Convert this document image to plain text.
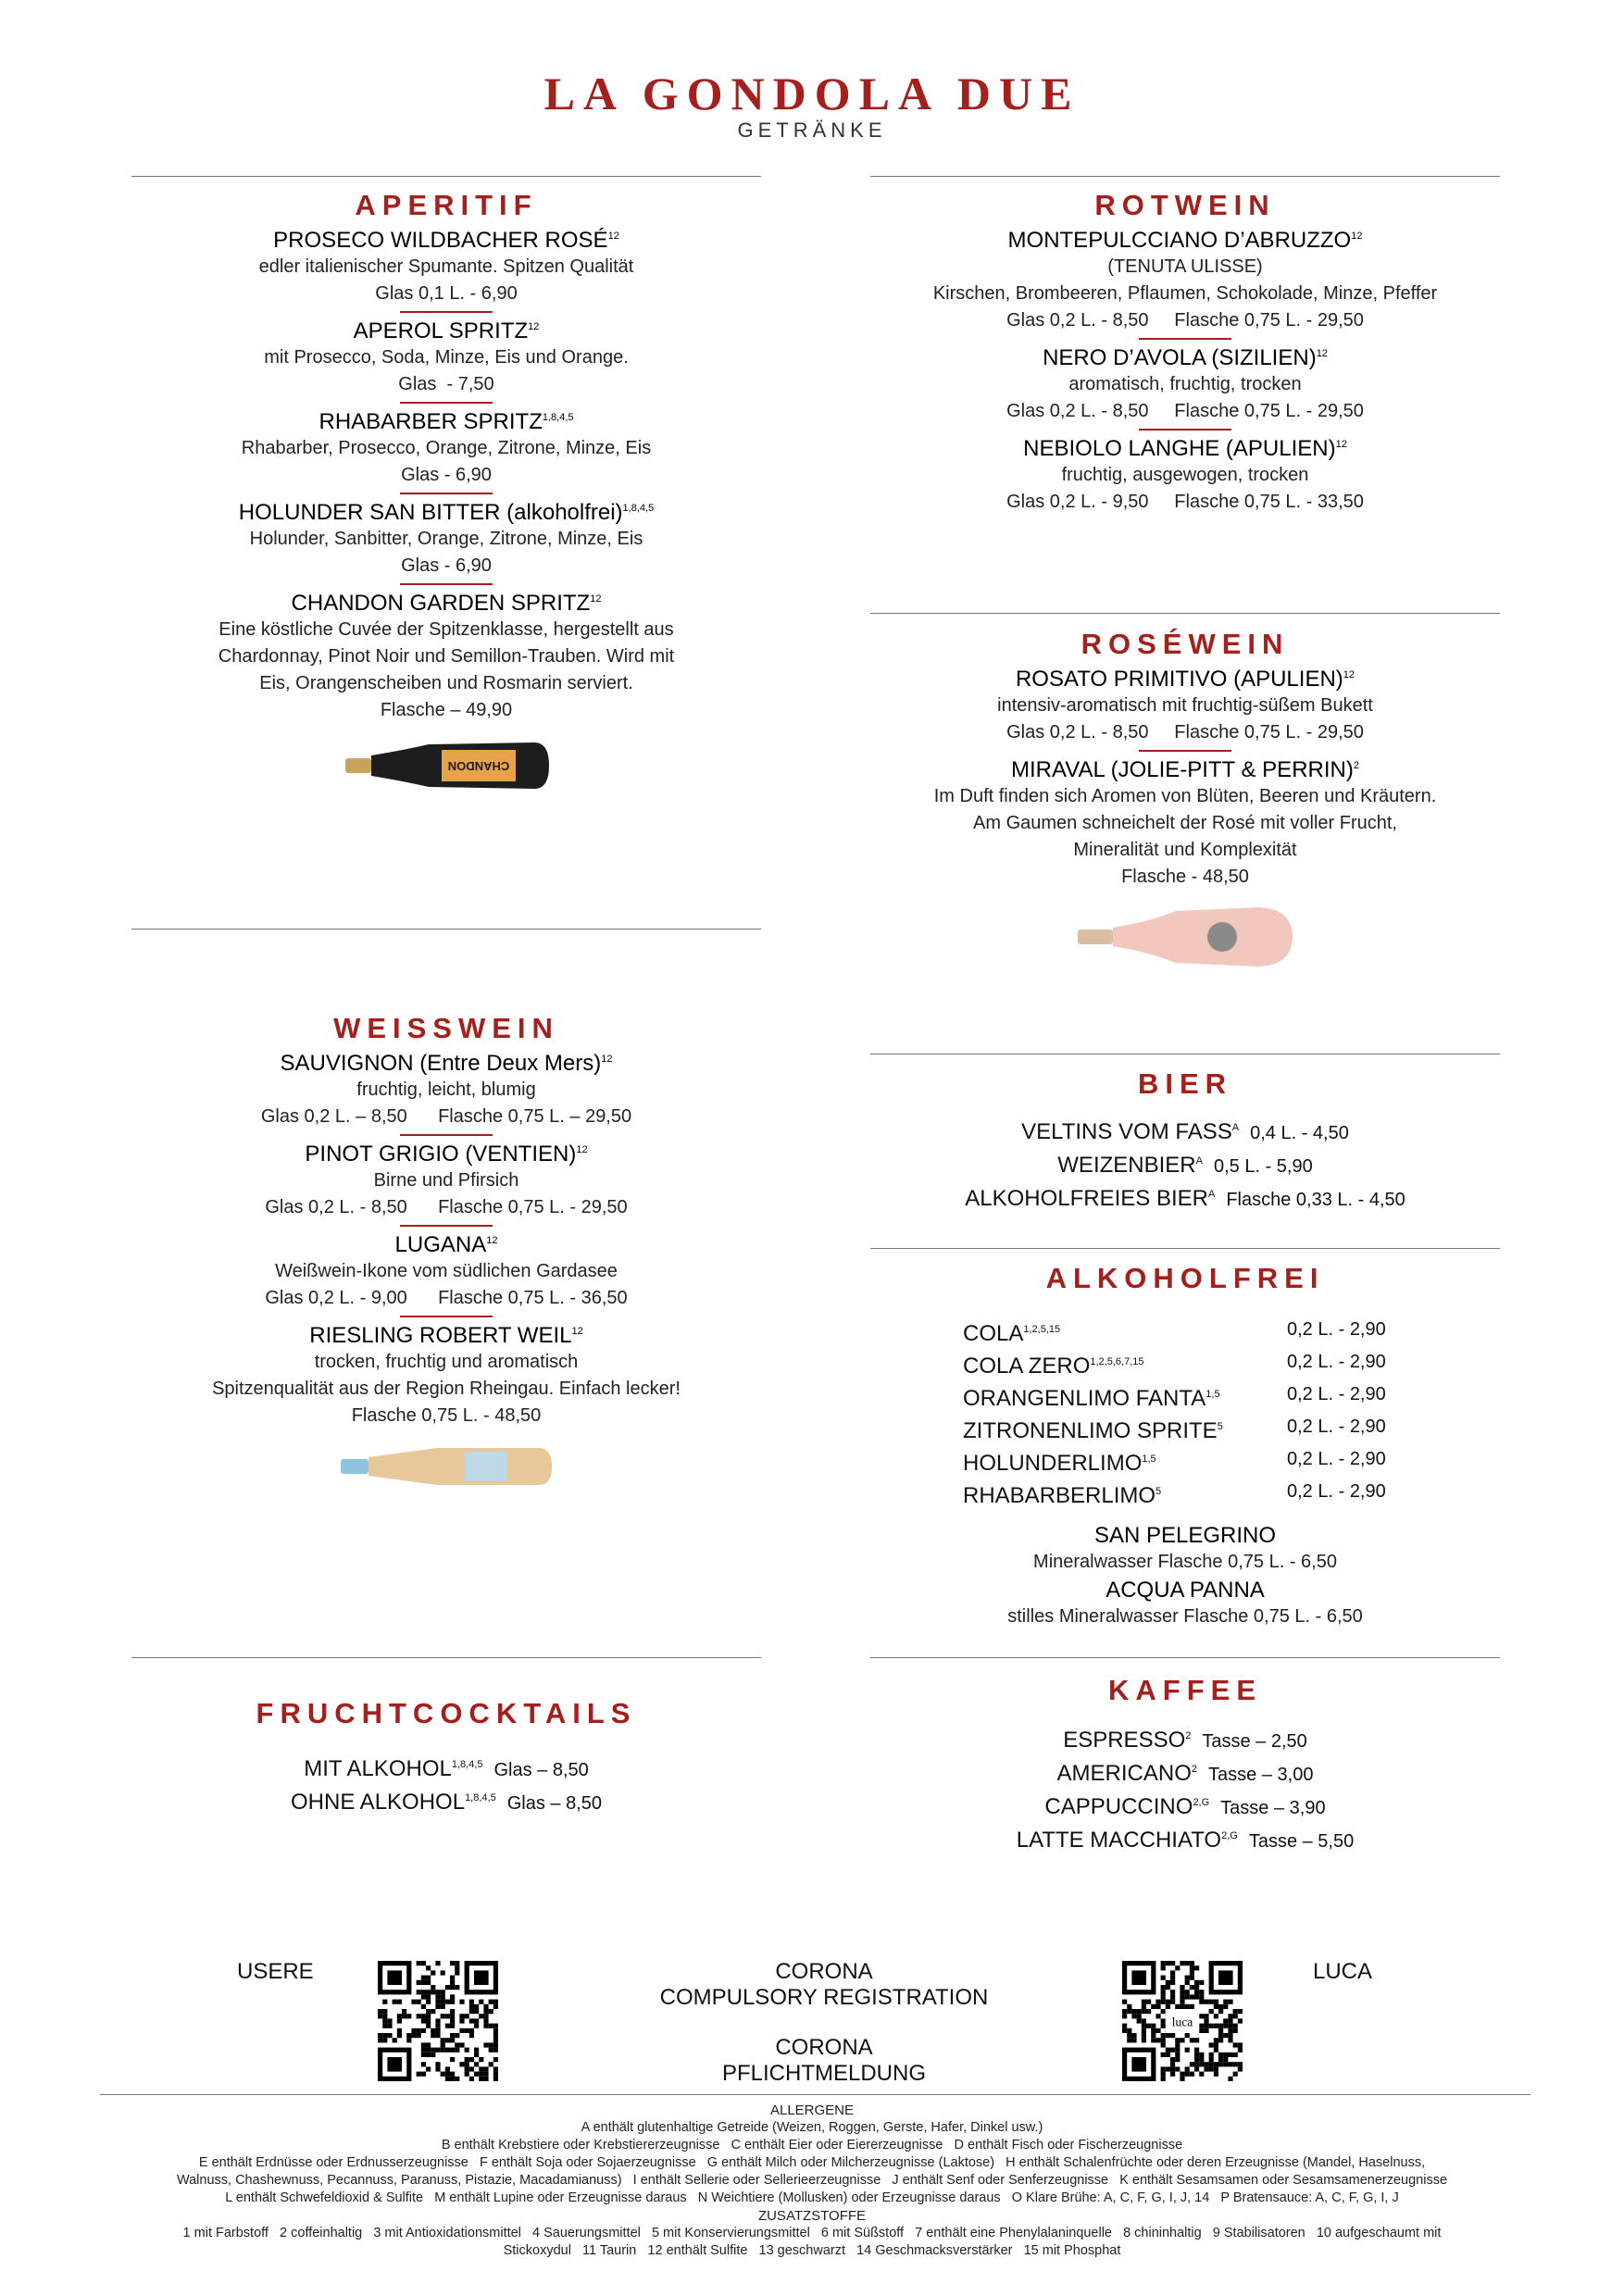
LA GONDOLA DUE
GETRÄNKE
APERITIF
PROSECO WILDBACHER ROSÉ$^{12}$
edler italienischer Spumante. Spitzen Qualität
Glas 0,1 L. - 6,90
APEROL SPRITZ$^{12}$
mit Prosecco, Soda, Minze, Eis und Orange.
Glas  - 7,50
RHABARBER SPRITZ$^{1,8,4,5}$
Rhabarber, Prosecco, Orange, Zitrone, Minze, Eis
Glas - 6,90
HOLUNDER SAN BITTER (alkoholfrei)$^{1,8,4,5}$
Holunder, Sanbitter, Orange, Zitrone, Minze, Eis
Glas - 6,90
CHANDON GARDEN SPRITZ$^{12}$
Eine köstliche Cuvée der Spitzenklasse, hergestellt aus
Chardonnay, Pinot Noir und Semillon-Trauben. Wird mit
Eis, Orangenscheiben und Rosmarin serviert.
Flasche – 49,90
CHANDON
WEISSWEIN
SAUVIGNON (Entre Deux Mers)$^{12}$
fruchtig, leicht, blumig
Glas 0,2 L. – 8,50      Flasche 0,75 L. – 29,50
PINOT GRIGIO (VENTIEN)$^{12}$
Birne und Pfirsich
Glas 0,2 L. - 8,50      Flasche 0,75 L. - 29,50
LUGANA$^{12}$
Weißwein-Ikone vom südlichen Gardasee
Glas 0,2 L. - 9,00      Flasche 0,75 L. - 36,50
RIESLING ROBERT WEIL$^{12}$
trocken, fruchtig und aromatisch
Spitzenqualität aus der Region Rheingau. Einfach lecker!
Flasche 0,75 L. - 48,50
FRUCHTCOCKTAILS
MIT ALKOHOL$^{1,8,4,5}$ Glas – 8,50
OHNE ALKOHOL$^{1,8,4,5}$ Glas – 8,50
ROTWEIN
MONTEPULCCIANO D’ABRUZZO$^{12}$
(TENUTA ULISSE)
Kirschen, Brombeeren, Pflaumen, Schokolade, Minze, Pfeffer
Glas 0,2 L. - 8,50     Flasche 0,75 L. - 29,50
NERO D’AVOLA (SIZILIEN)$^{12}$
aromatisch, fruchtig, trocken
Glas 0,2 L. - 8,50     Flasche 0,75 L. - 29,50
NEBIOLO LANGHE (APULIEN)$^{12}$
fruchtig, ausgewogen, trocken
Glas 0,2 L. - 9,50     Flasche 0,75 L. - 33,50
ROSÉWEIN
ROSATO PRIMITIVO (APULIEN)$^{12}$
intensiv-aromatisch mit fruchtig-süßem Bukett
Glas 0,2 L. - 8,50     Flasche 0,75 L. - 29,50
MIRAVAL (JOLIE-PITT & PERRIN)$^2$
Im Duft finden sich Aromen von Blüten, Beeren und Kräutern.
Am Gaumen schneichelt der Rosé mit voller Frucht,
Mineralität und Komplexität
Flasche - 48,50
BIER
VELTINS VOM $FASS^A$ 0,4 L. - 4,50
$WEIZENBIER^A$ 0,5 L. - 5,90
ALKOHOLFREIES $BIER^A$ Flasche 0,33 L. - 4,50
ALKOHOLFREI
COLA$^{1,2,5,15}$	0,2 L. - 2,90
COLA ZERO$^{1,2,5,6,7,15}$	0,2 L. - 2,90
ORANGENLIMO FANTA$^{1,5}$	0,2 L. - 2,90
ZITRONENLIMO SPRITE$^5$	0,2 L. - 2,90
HOLUNDERLIMO$^{1,5}$	0,2 L. - 2,90
RHABARBERLIMO$^5$	0,2 L. - 2,90
SAN PELEGRINO
Mineralwasser Flasche 0,75 L. - 6,50
ACQUA PANNA
stilles Mineralwasser Flasche 0,75 L. - 6,50
KAFFEE
ESPRESSO$^2$ Tasse – 2,50
AMERICANO$^2$ Tasse – 3,00
$CAPPUCCINO^{2,G}$ Tasse – 3,90
LATTE $MACCHIATO^{2,G}$ Tasse – 5,50
USERE	CORONA
COMPULSORY REGISTRATION
CORONA
PFLICHTMELDUNG
luca
LUCA
ALLERGENE
A enthält glutenhaltige Getreide (Weizen, Roggen, Gerste, Hafer, Dinkel usw.)
B enthält Krebstiere oder Krebstiererzeugnisse   C enthält Eier oder Eiererzeugnisse   D enthält Fisch oder Fischerzeugnisse
E enthält Erdnüsse oder Erdnusserzeugnisse   F enthält Soja oder Sojaerzeugnisse   G enthält Milch oder Milcherzeugnisse (Laktose)   H enthält Schalenfrüchte oder deren Erzeugnisse (Mandel, Haselnuss,
Walnuss, Chashewnuss, Pecannuss, Paranuss, Pistazie, Macadamianuss)   I enthält Sellerie oder Sellerieerzeugnisse   J enthält Senf oder Senferzeugnisse   K enthält Sesamsamen oder Sesamsamenerzeugnisse
L enthält Schwefeldioxid & Sulfite   M enthält Lupine oder Erzeugnisse daraus   N Weichtiere (Mollusken) oder Erzeugnisse daraus   O Klare Brühe: A, C, F, G, I, J, 14   P Bratensauce: A, C, F, G, I, J
ZUSATZSTOFFE
1 mit Farbstoff   2 coffeinhaltig   3 mit Antioxidationsmittel   4 Sauerungsmittel   5 mit Konservierungsmittel   6 mit Süßstoff   7 enthält eine Phenylalaninquelle   8 chininhaltig   9 Stabilisatoren   10 aufgeschaumt mit
Stickoxydul   11 Taurin   12 enthält Sulfite   13 geschwarzt   14 Geschmacksverstärker   15 mit Phosphat
